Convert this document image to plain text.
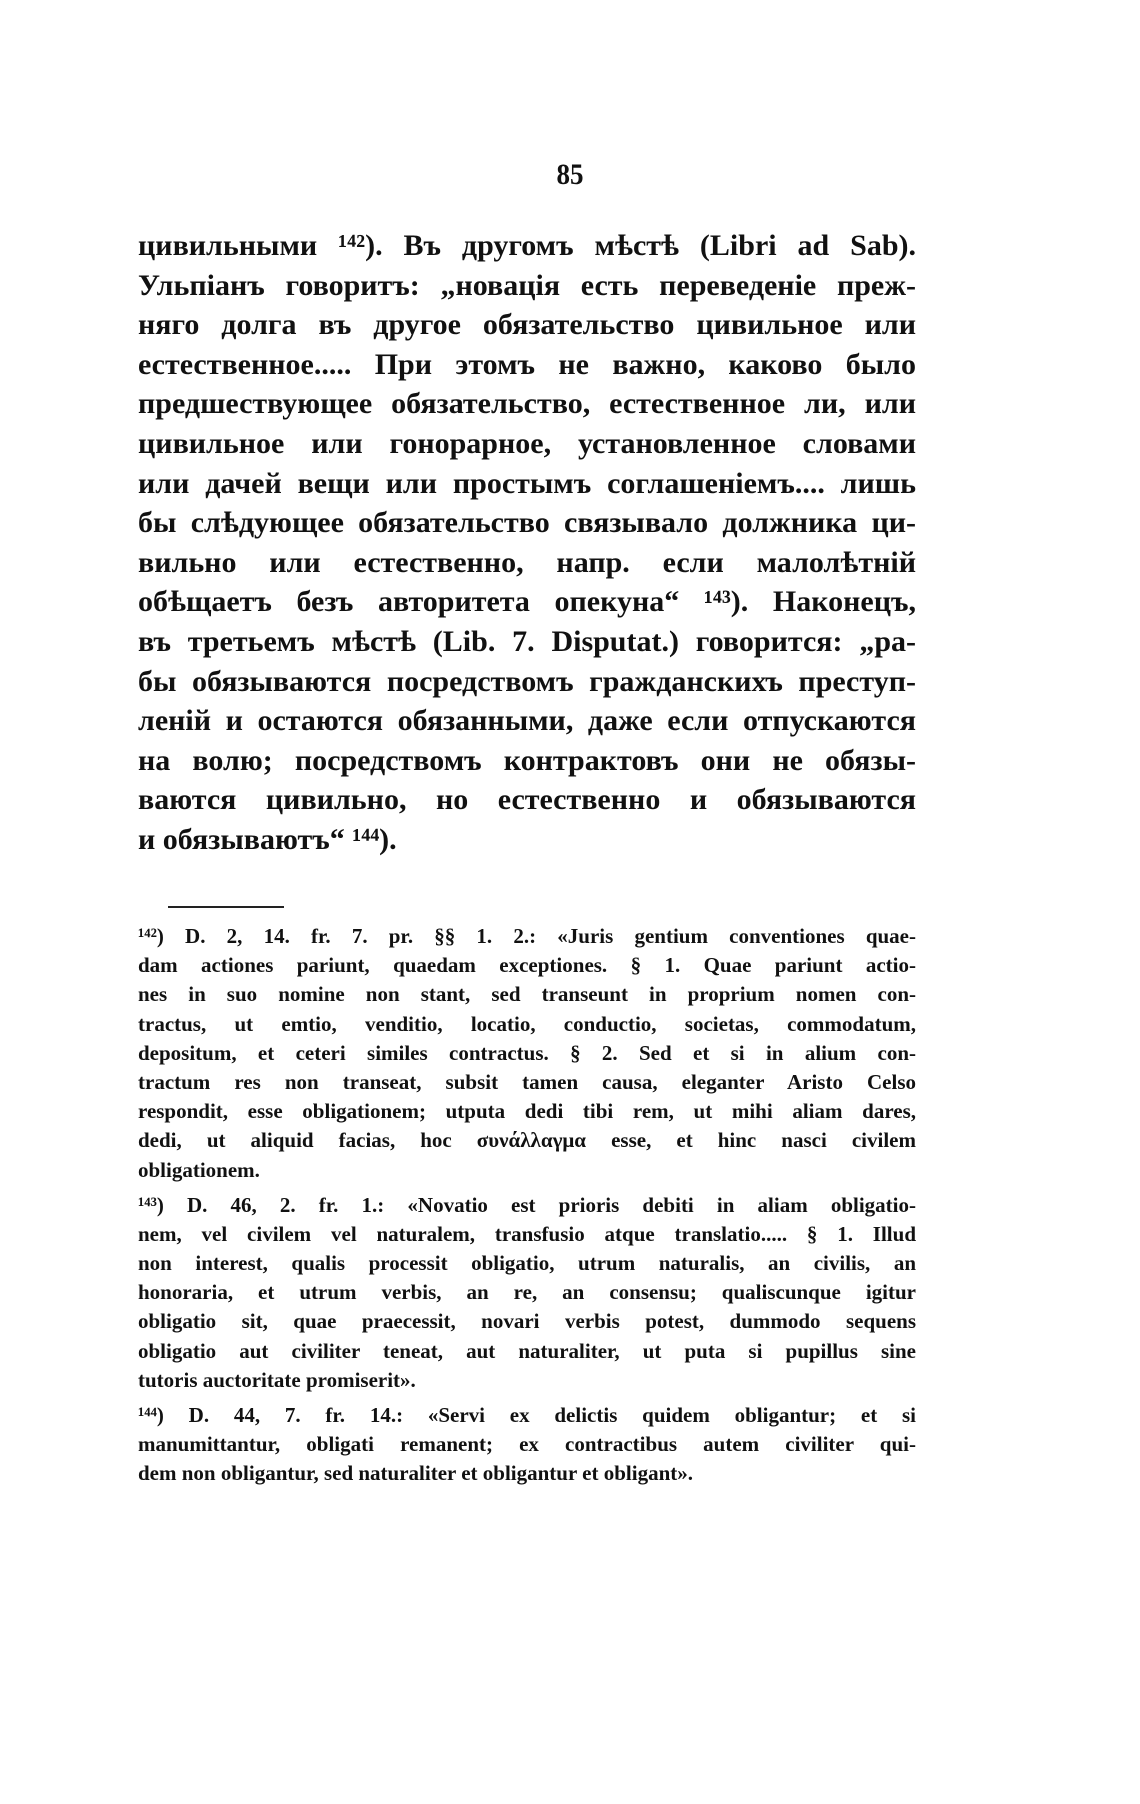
85
цивильными ¹⁴²). Въ другомъ мѣстѣ (Libri ad Sab).
Ульпіанъ говоритъ: „новація есть переведеніе преж-
няго долга въ другое обязательство цивильное или
естественное..... При этомъ не важно, каково было
предшествующее обязательство, естественное ли, или
цивильное или гонорарное, установленное словами
или дачей вещи или простымъ соглашеніемъ.... лишь
бы слѣдующее обязательство связывало должника ци-
вильно или естественно, напр. если малолѣтній
обѣщаетъ безъ авторитета опекуна“ ¹⁴³). Наконецъ,
въ третьемъ мѣстѣ (Lib. 7. Disputat.) говорится: „ра-
бы обязываются посредствомъ гражданскихъ преступ-
леній и остаются обязанными, даже если отпускаются
на волю; посредствомъ контрактовъ они не обязы-
ваются цивильно, но естественно и обязываются
и обязываютъ“ ¹⁴⁴).
¹⁴²) D. 2, 14. fr. 7. pr. §§ 1. 2.: «Juris gentium conventiones quae-
dam actiones pariunt, quaedam exceptiones. § 1. Quae pariunt actio-
nes in suo nomine non stant, sed transeunt in proprium nomen con-
tractus, ut emtio, venditio, locatio, conductio, societas, commodatum,
depositum, et ceteri similes contractus. § 2. Sed et si in alium con-
tractum res non transeat, subsit tamen causa, eleganter Aristo Celso
respondit, esse obligationem; utputa dedi tibi rem, ut mihi aliam dares,
dedi, ut aliquid facias, hoc συνάλλαγμα esse, et hinc nasci civilem
obligationem.
¹⁴³) D. 46, 2. fr. 1.: «Novatio est prioris debiti in aliam obligatio-
nem, vel civilem vel naturalem, transfusio atque translatio..... § 1. Illud
non interest, qualis processit obligatio, utrum naturalis, an civilis, an
honoraria, et utrum verbis, an re, an consensu; qualiscunque igitur
obligatio sit, quae praecessit, novari verbis potest, dummodo sequens
obligatio aut civiliter teneat, aut naturaliter, ut puta si pupillus sine
tutoris auctoritate promiserit».
¹⁴⁴) D. 44, 7. fr. 14.: «Servi ex delictis quidem obligantur; et si
manumittantur, obligati remanent; ex contractibus autem civiliter qui-
dem non obligantur, sed naturaliter et obligantur et obligant».
